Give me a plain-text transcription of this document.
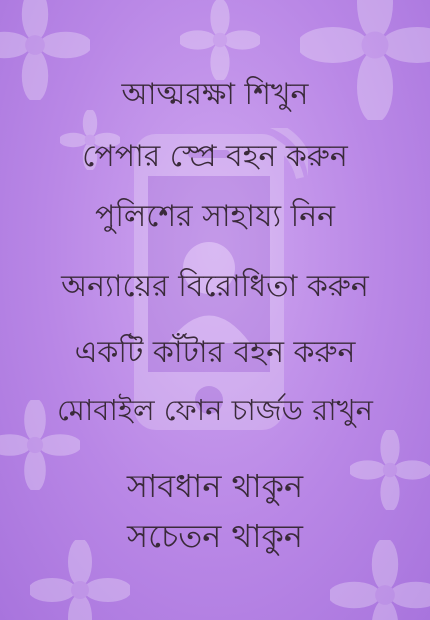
আত্মরক্ষা শিখুন
পেপার স্প্রে বহন করুন
পুলিশের সাহায্য নিন
অন্যায়ের বিরোধিতা করুন
একটি কাঁটার বহন করুন
মোবাইল ফোন চার্জড রাখুন
সাবধান থাকুন
সচেতন থাকুন
